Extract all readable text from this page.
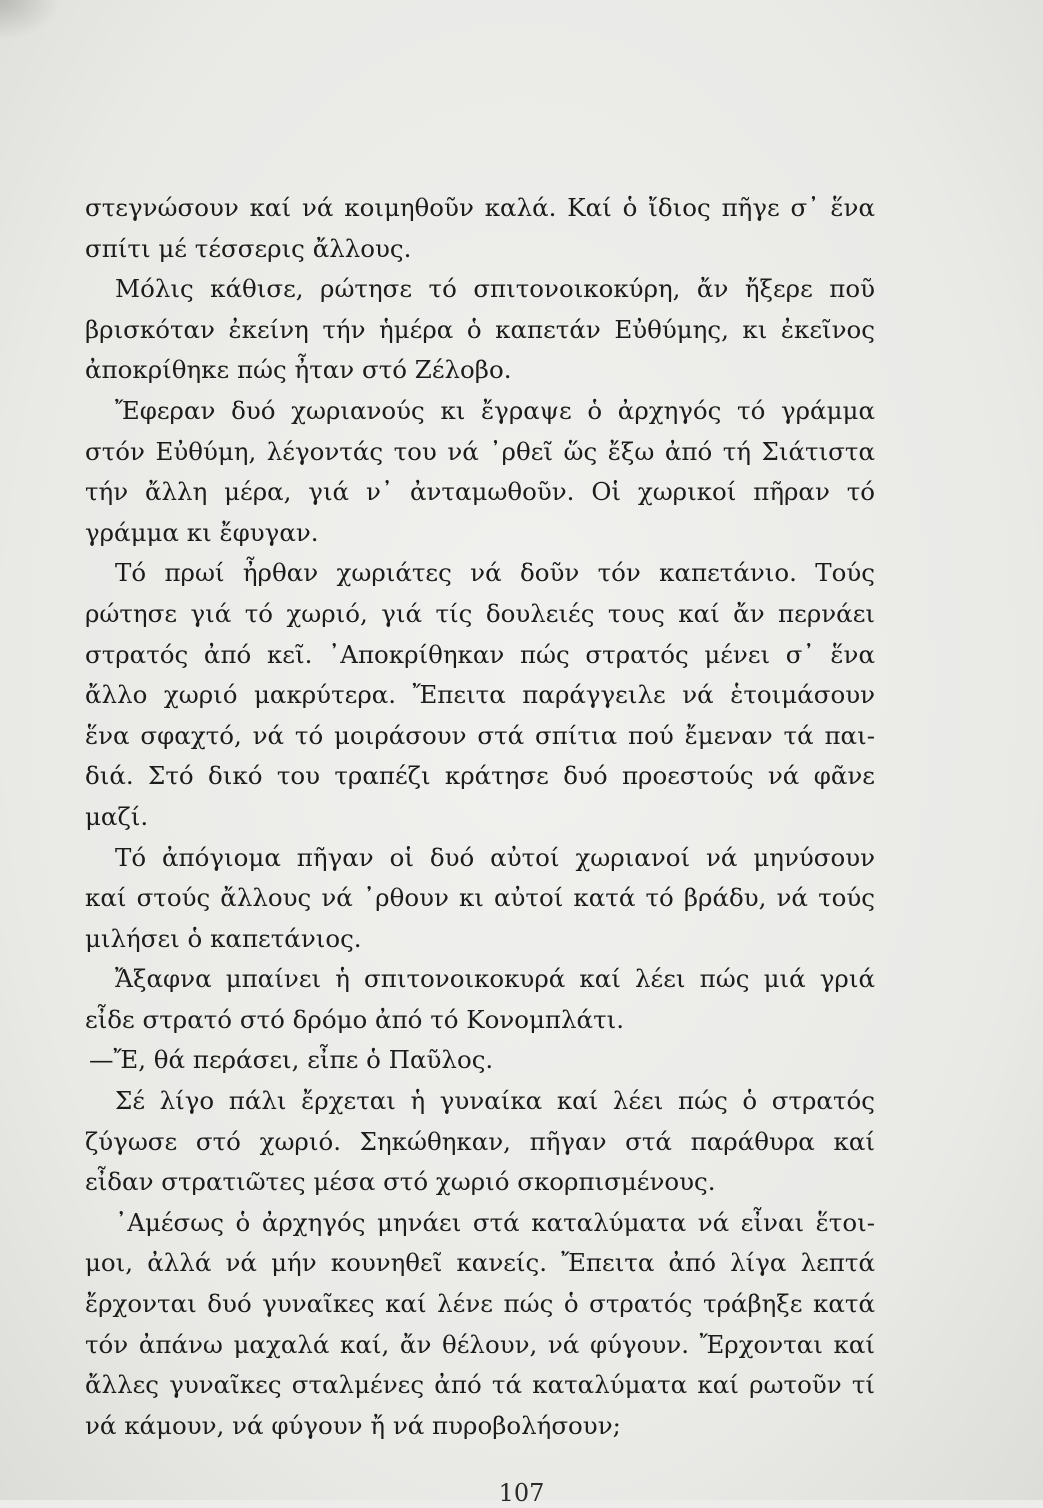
στεγνώσουν καί νά κοιμηθοῦν καλά. Καί ὁ ἴδιος πῆγε σ᾽ ἕνα
σπίτι μέ τέσσερις ἄλλους.
Μόλις κάθισε, ρώτησε τό σπιτονοικοκύρη, ἄν ἤξερε ποῦ
βρισκόταν ἐκείνη τήν ἡμέρα ὁ καπετάν Εὐθύμης, κι ἐκεῖνος
ἀποκρίθηκε πώς ἦταν στό Ζέλοβο.
Ἔφεραν δυό χωριανούς κι ἔγραψε ὁ ἀρχηγός τό γράμμα
στόν Εὐθύμη, λέγοντάς του νά ᾽ρθεῖ ὥς ἔξω ἀπό τή Σιάτιστα
τήν ἄλλη μέρα, γιά ν᾽ ἀνταμωθοῦν. Οἱ χωρικοί πῆραν τό
γράμμα κι ἔφυγαν.
Τό πρωί ἦρθαν χωριάτες νά δοῦν τόν καπετάνιο. Τούς
ρώτησε γιά τό χωριό, γιά τίς δουλειές τους καί ἄν περνάει
στρατός ἀπό κεῖ. ᾽Αποκρίθηκαν πώς στρατός μένει σ᾽ ἕνα
ἄλλο χωριό μακρύτερα. Ἔπειτα παράγγειλε νά ἑτοιμάσουν
ἕνα σφαχτό, νά τό μοιράσουν στά σπίτια πού ἔμεναν τά παι-
διά. Στό δικό του τραπέζι κράτησε δυό προεστούς νά φᾶνε
μαζί.
Τό ἀπόγιομα πῆγαν οἱ δυό αὐτοί χωριανοί νά μηνύσουν
καί στούς ἄλλους νά ᾽ρθουν κι αὐτοί κατά τό βράδυ, νά τούς
μιλήσει ὁ καπετάνιος.
Ἄξαφνα μπαίνει ἡ σπιτονοικοκυρά καί λέει πώς μιά γριά
εἶδε στρατό στό δρόμο ἀπό τό Κονομπλάτι.
—Ἔ, θά περάσει, εἶπε ὁ Παῦλος.
Σέ λίγο πάλι ἔρχεται ἡ γυναίκα καί λέει πώς ὁ στρατός
ζύγωσε στό χωριό. Σηκώθηκαν, πῆγαν στά παράθυρα καί
εἶδαν στρατιῶτες μέσα στό χωριό σκορπισμένους.
᾽Αμέσως ὁ ἀρχηγός μηνάει στά καταλύματα νά εἶναι ἕτοι-
μοι, ἀλλά νά μήν κουνηθεῖ κανείς. Ἔπειτα ἀπό λίγα λεπτά
ἔρχονται δυό γυναῖκες καί λένε πώς ὁ στρατός τράβηξε κατά
τόν ἀπάνω μαχαλά καί, ἄν θέλουν, νά φύγουν. Ἔρχονται καί
ἄλλες γυναῖκες σταλμένες ἀπό τά καταλύματα καί ρωτοῦν τί
νά κάμουν, νά φύγουν ἤ νά πυροβολήσουν;
107
